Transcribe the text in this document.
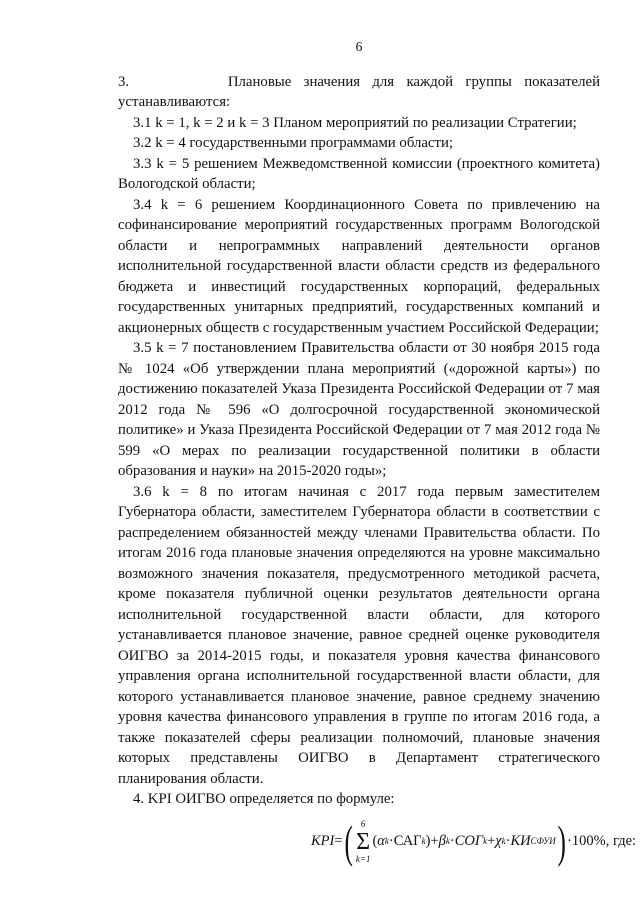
6

3.        Плановые значения для каждой группы показателей устанавливаются:

3.1 k = 1, k = 2 и k = 3 Планом мероприятий по реализации Стратегии;

3.2 k = 4 государственными программами области;

3.3 k = 5 решением Межведомственной комиссии (проектного комитета) Вологодской области;

3.4 k = 6 решением Координационного Совета по привлечению на софинансирование мероприятий государственных программ Вологодской области и непрограммных направлений деятельности органов исполнительной государственной власти области средств из федерального бюджета и инвестиций государственных корпораций, федеральных государственных унитарных предприятий, государственных компаний и акционерных обществ с государственным участием Российской Федерации;

3.5 k = 7 постановлением Правительства области от 30 ноября 2015 года № 1024 «Об утверждении плана мероприятий («дорожной карты») по достижению показателей Указа Президента Российской Федерации от 7 мая 2012 года № 596 «О долгосрочной государственной экономической политике» и Указа Президента Российской Федерации от 7 мая 2012 года № 599 «О мерах по реализации государственной политики в области образования и науки» на 2015-2020 годы»;

3.6 k = 8 по итогам начиная с 2017 года первым заместителем Губернатора области, заместителем Губернатора области в соответствии с распределением обязанностей между членами Правительства области. По итогам 2016 года плановые значения определяются на уровне максимально возможного значения показателя, предусмотренного методикой расчета, кроме показателя публичной оценки результатов деятельности органа исполнительной государственной власти области, для которого устанавливается плановое значение, равное средней оценке руководителя ОИГВО за 2014-2015 годы, и показателя уровня качества финансового управления органа исполнительной государственной власти области, для которого устанавливается плановое значение, равное среднему значению уровня качества финансового управления в группе по итогам 2016 года, а также показателей сферы реализации полномочий, плановые значения которых представлены ОИГВО в Департамент стратегического планирования области.

4. KPI ОИГВО определяется по формуле:

KPI = ( 6
Σ
k=1
( α k · САГ k ) + β k · СОГ k + χ k · КИ СФУИ ) · 100% , где:
